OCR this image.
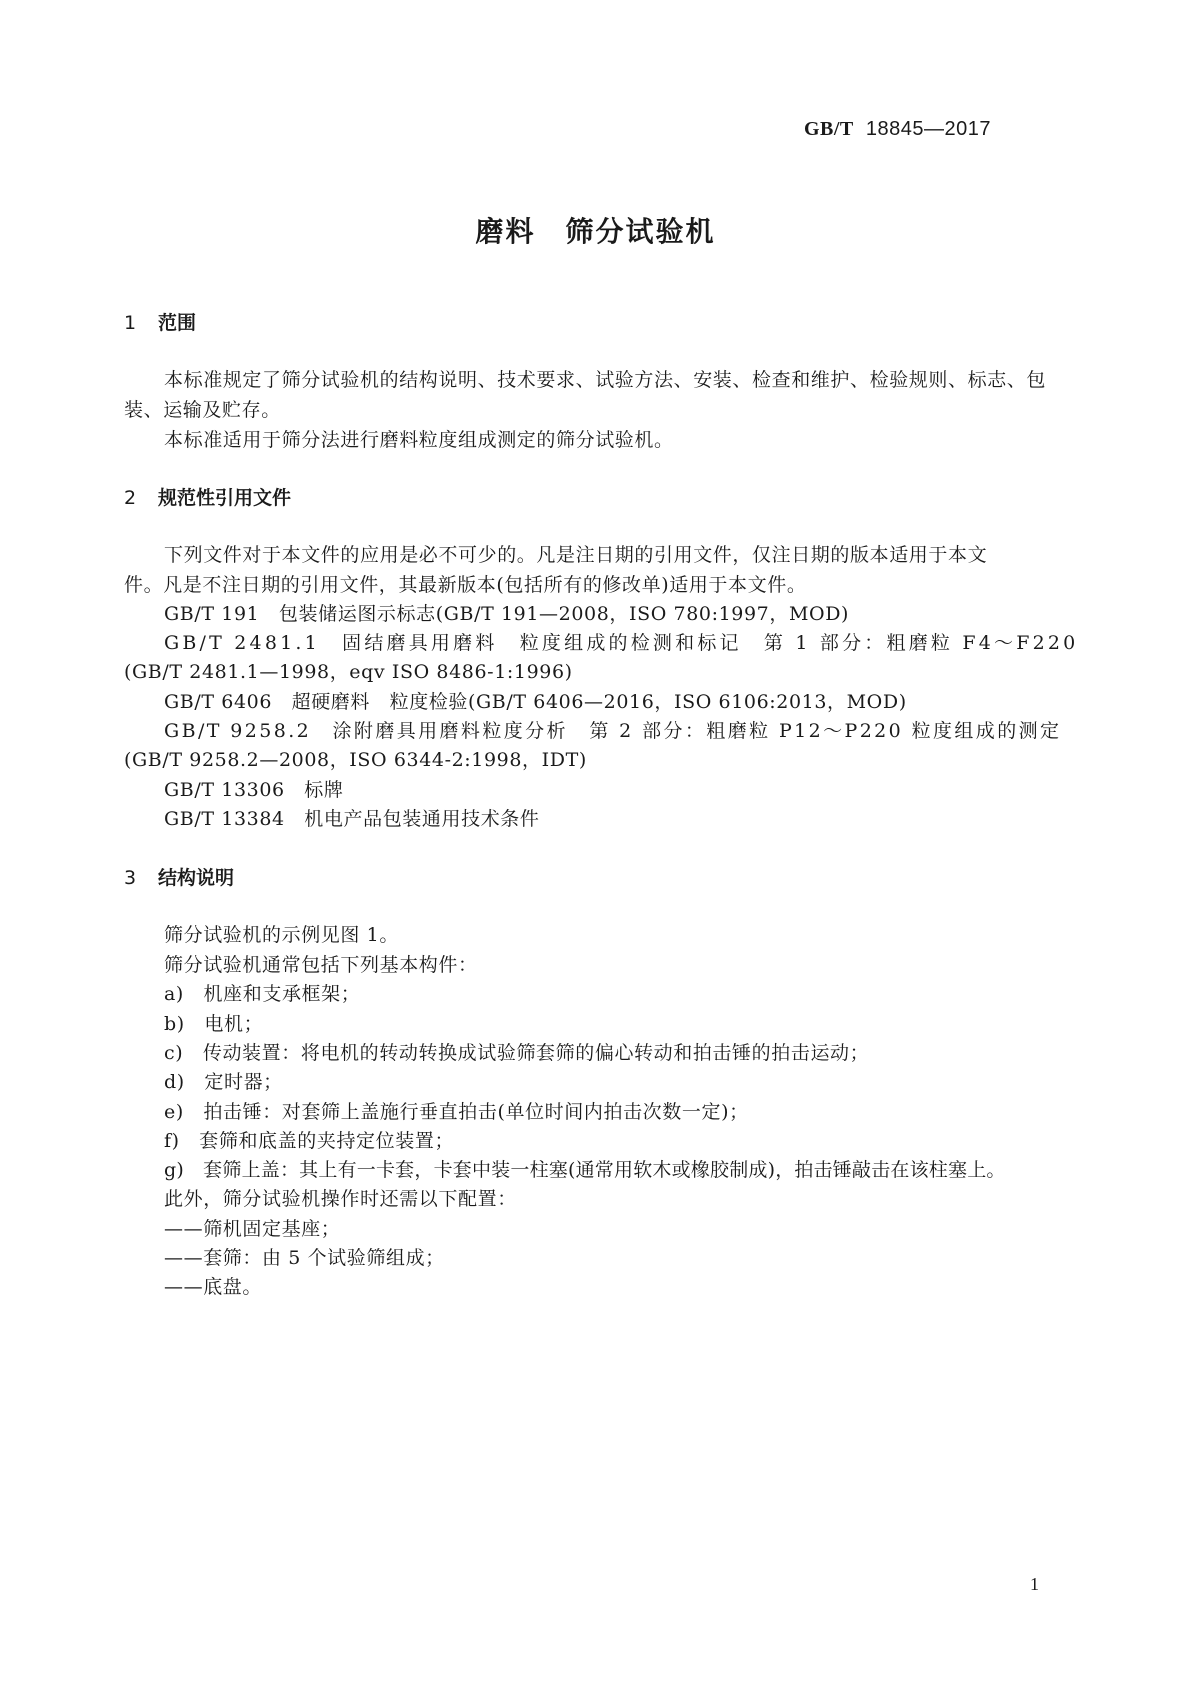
GB/T 18845—2017
磨料　筛分试验机
1 范围
本标准规定了筛分试验机的结构说明、技术要求、试验方法、安装、检查和维护、检验规则、标志、包
装、运输及贮存。
本标准适用于筛分法进行磨料粒度组成测定的筛分试验机。
2 规范性引用文件
下列文件对于本文件的应用是必不可少的。凡是注日期的引用文件，仅注日期的版本适用于本文
件。凡是不注日期的引用文件，其最新版本(包括所有的修改单)适用于本文件。
GB/T 191　包装储运图示标志(GB/T 191—2008，ISO 780:1997，MOD)
GB/T 2481.1　固结磨具用磨料　粒度组成的检测和标记　第 1 部分：粗磨粒 F4～F220
(GB/T 2481.1—1998，eqv ISO 8486-1:1996)
GB/T 6406　超硬磨料　粒度检验(GB/T 6406—2016，ISO 6106:2013，MOD)
GB/T 9258.2　涂附磨具用磨料粒度分析　第 2 部分：粗磨粒 P12～P220 粒度组成的测定
(GB/T 9258.2—2008，ISO 6344-2:1998，IDT)
GB/T 13306　标牌
GB/T 13384　机电产品包装通用技术条件
3 结构说明
筛分试验机的示例见图 1。
筛分试验机通常包括下列基本构件：
a)　机座和支承框架；
b)　电机；
c)　传动装置：将电机的转动转换成试验筛套筛的偏心转动和拍击锤的拍击运动；
d)　定时器；
e)　拍击锤：对套筛上盖施行垂直拍击(单位时间内拍击次数一定)；
f)　套筛和底盖的夹持定位装置；
g)　套筛上盖：其上有一卡套，卡套中装一柱塞(通常用软木或橡胶制成)，拍击锤敲击在该柱塞上。
此外，筛分试验机操作时还需以下配置：
——筛机固定基座；
——套筛：由 5 个试验筛组成；
——底盘。
1
